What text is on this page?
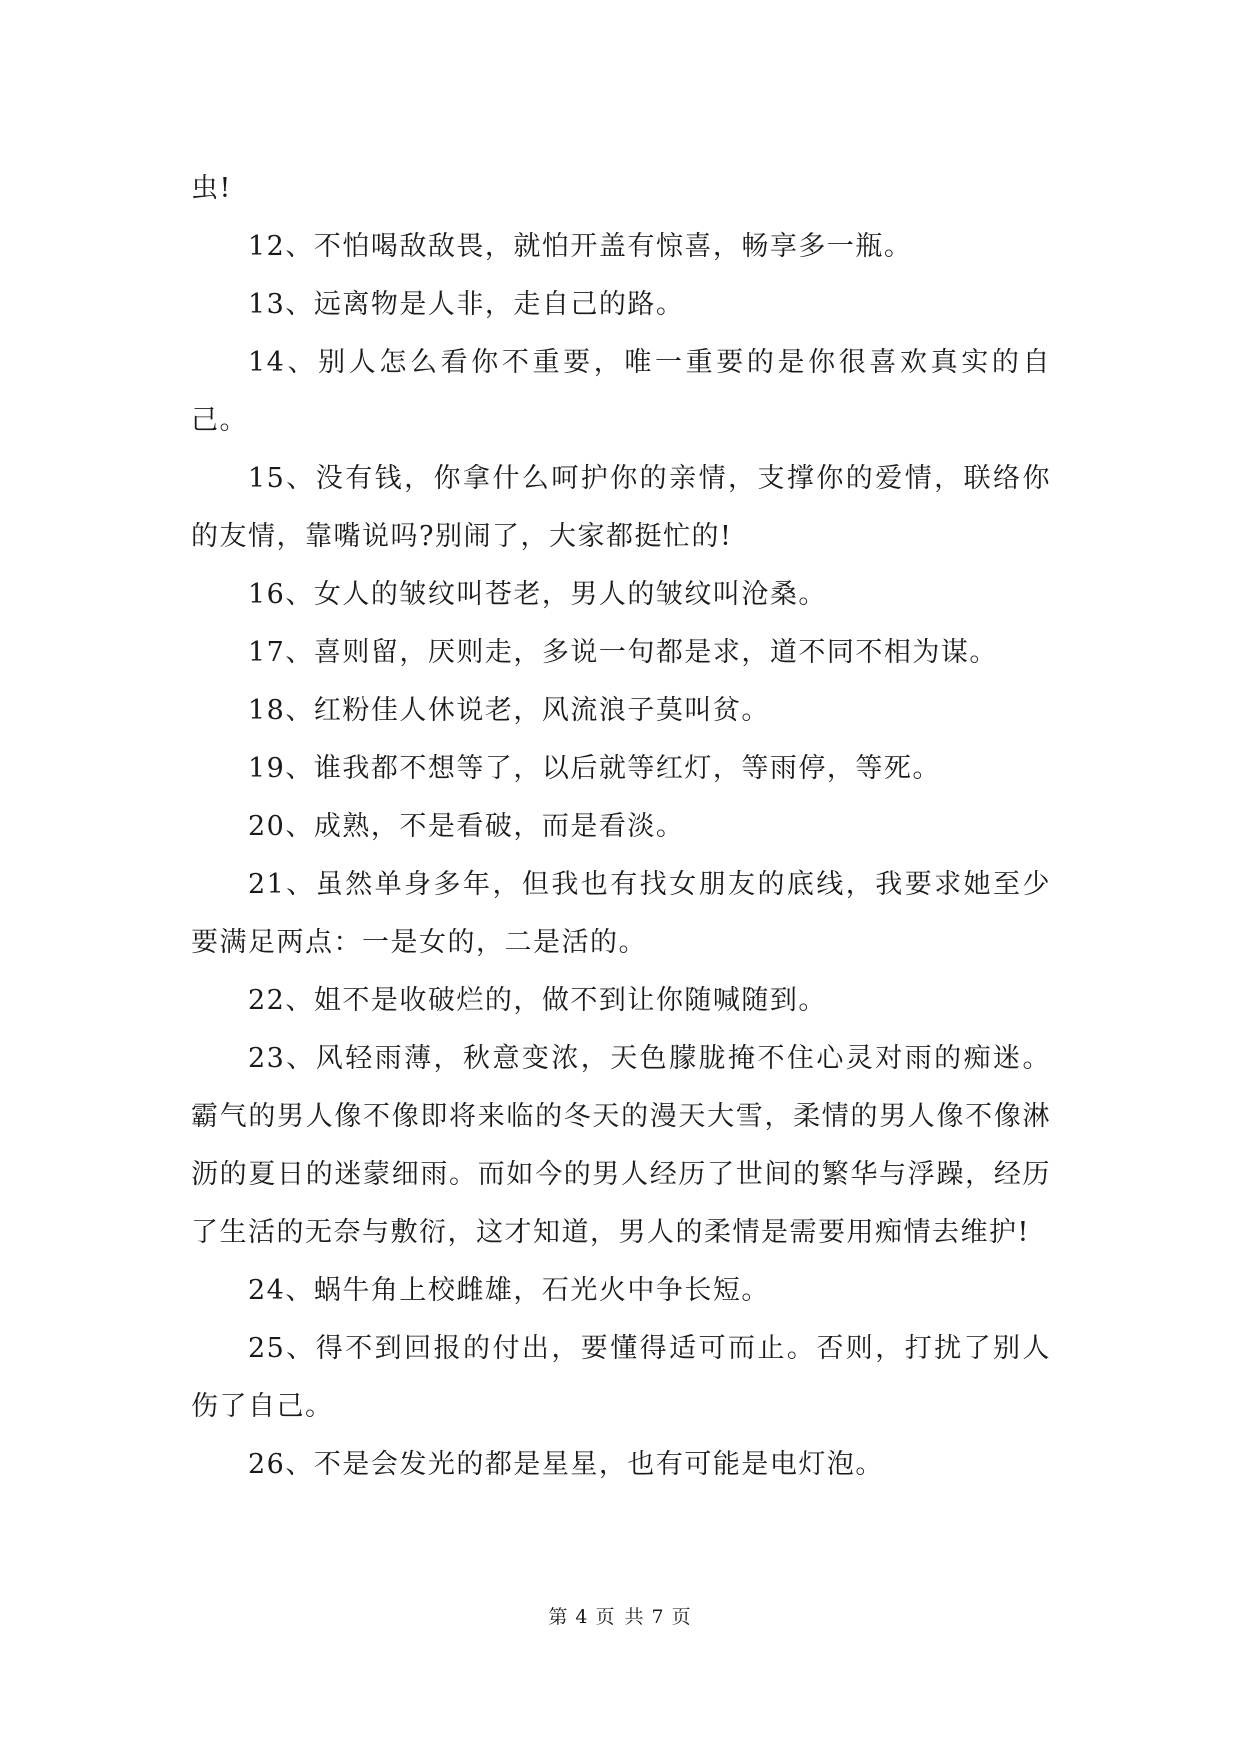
虫!

12、不怕喝敌敌畏，就怕开盖有惊喜，畅享多一瓶。

13、远离物是人非，走自己的路。

14、别人怎么看你不重要，唯一重要的是你很喜欢真实的自己。

15、没有钱，你拿什么呵护你的亲情，支撑你的爱情，联络你的友情，靠嘴说吗?别闹了，大家都挺忙的!

16、女人的皱纹叫苍老，男人的皱纹叫沧桑。

17、喜则留，厌则走，多说一句都是求，道不同不相为谋。

18、红粉佳人休说老，风流浪子莫叫贫。

19、谁我都不想等了，以后就等红灯，等雨停，等死。

20、成熟，不是看破，而是看淡。

21、虽然单身多年，但我也有找女朋友的底线，我要求她至少要满足两点：一是女的，二是活的。

22、姐不是收破烂的，做不到让你随喊随到。

23、风轻雨薄，秋意变浓，天色朦胧掩不住心灵对雨的痴迷。霸气的男人像不像即将来临的冬天的漫天大雪，柔情的男人像不像淋沥的夏日的迷蒙细雨。而如今的男人经历了世间的繁华与浮躁，经历了生活的无奈与敷衍，这才知道，男人的柔情是需要用痴情去维护!

24、蜗牛角上校雌雄，石光火中争长短。

25、得不到回报的付出，要懂得适可而止。否则，打扰了别人伤了自己。

26、不是会发光的都是星星，也有可能是电灯泡。

第 4 页 共 7 页
